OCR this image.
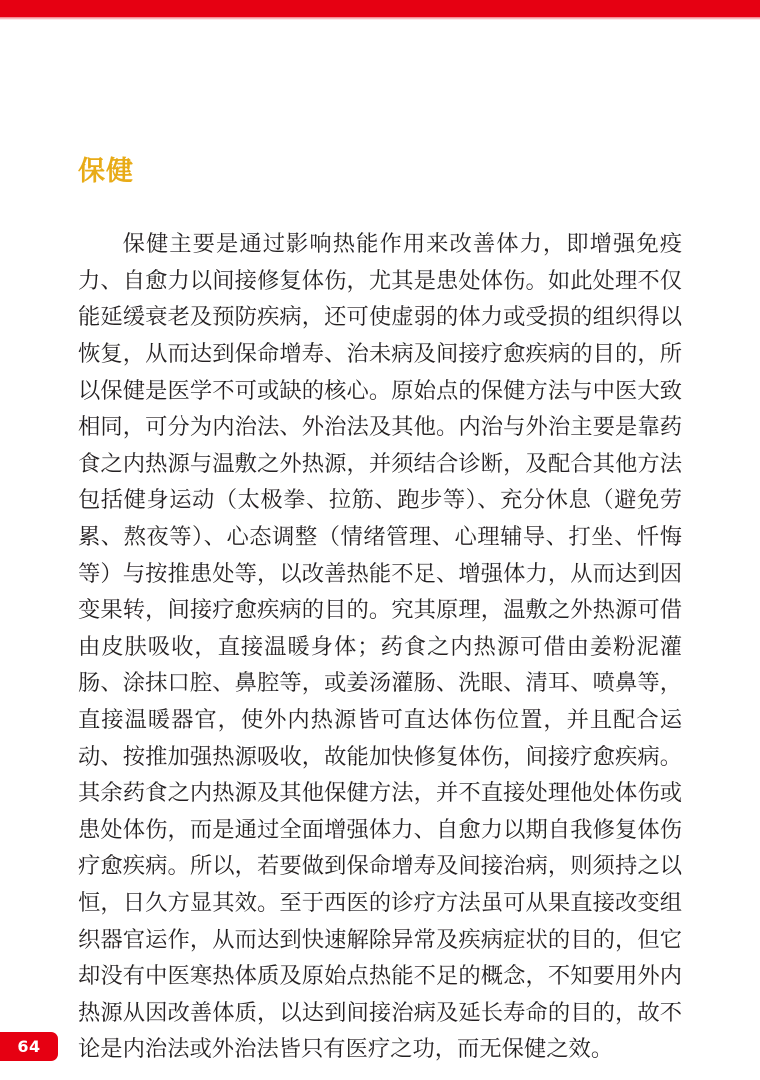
保健

保健主要是通过影响热能作用来改善体力，即增强免疫力、自愈力以间接修复体伤，尤其是患处体伤。如此处理不仅能延缓衰老及预防疾病，还可使虚弱的体力或受损的组织得以恢复，从而达到保命增寿、治未病及间接疗愈疾病的目的，所以保健是医学不可或缺的核心。原始点的保健方法与中医大致相同，可分为内治法、外治法及其他。内治与外治主要是靠药食之内热源与温敷之外热源，并须结合诊断，及配合其他方法包括健身运动（太极拳、拉筋、跑步等）、充分休息（避免劳累、熬夜等）、心态调整（情绪管理、心理辅导、打坐、忏悔等）与按推患处等，以改善热能不足、增强体力，从而达到因变果转，间接疗愈疾病的目的。究其原理，温敷之外热源可借由皮肤吸收，直接温暖身体；药食之内热源可借由姜粉泥灌肠、涂抹口腔、鼻腔等，或姜汤灌肠、洗眼、清耳、喷鼻等，直接温暖器官，使外内热源皆可直达体伤位置，并且配合运动、按推加强热源吸收，故能加快修复体伤，间接疗愈疾病。其余药食之内热源及其他保健方法，并不直接处理他处体伤或患处体伤，而是通过全面增强体力、自愈力以期自我修复体伤疗愈疾病。所以，若要做到保命增寿及间接治病，则须持之以恒，日久方显其效。至于西医的诊疗方法虽可从果直接改变组织器官运作，从而达到快速解除异常及疾病症状的目的，但它却没有中医寒热体质及原始点热能不足的概念，不知要用外内热源从因改善体质，以达到间接治病及延长寿命的目的，故不论是内治法或外治法皆只有医疗之功，而无保健之效。

64
